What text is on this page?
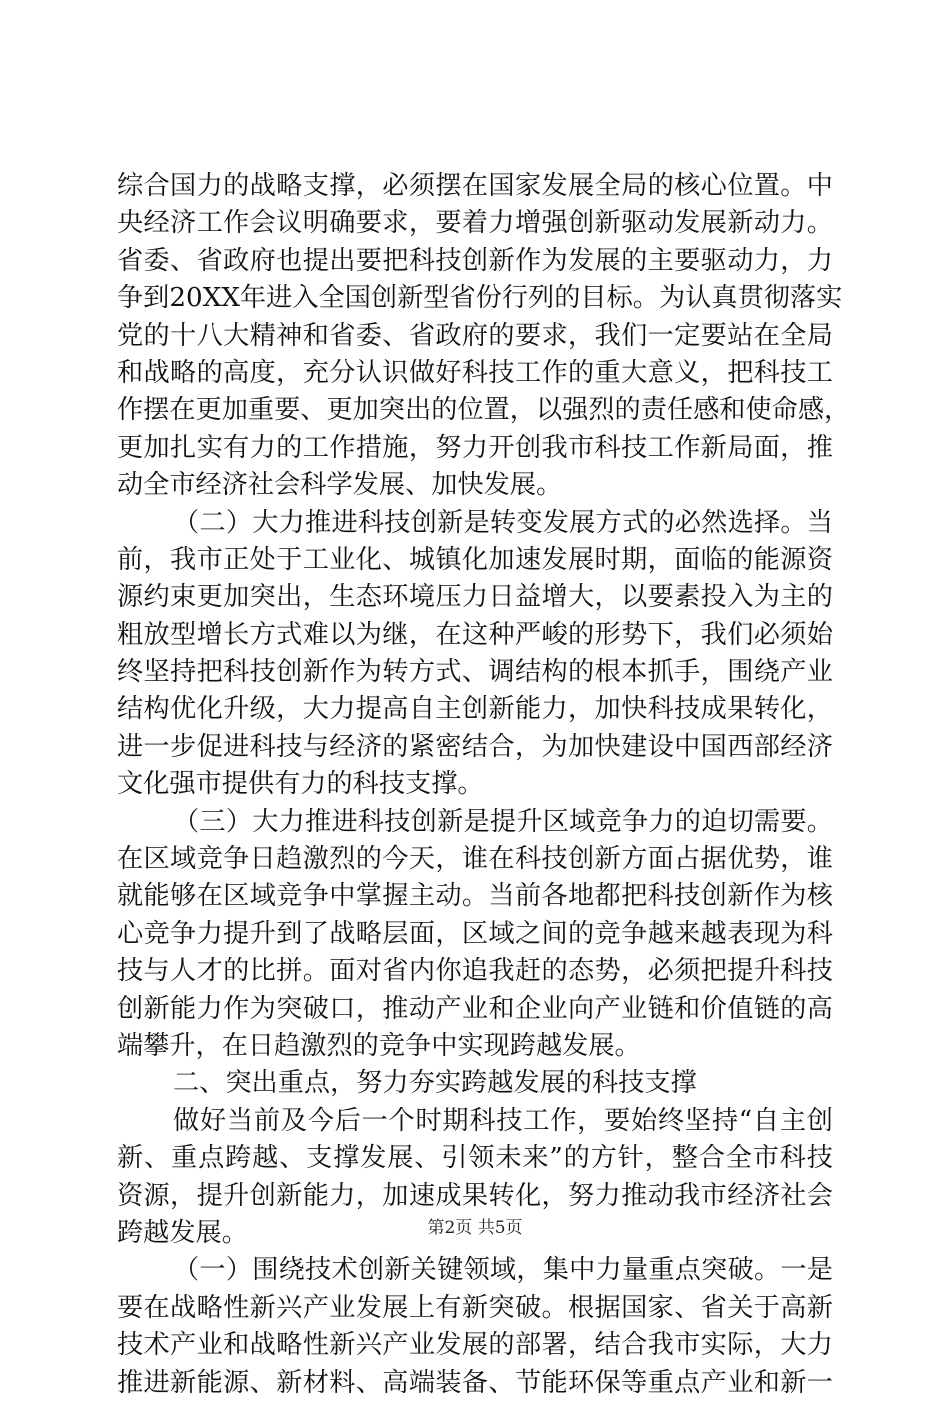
综合国力的战略支撑，必须摆在国家发展全局的核心位置。中
央经济工作会议明确要求，要着力增强创新驱动发展新动力。
省委、省政府也提出要把科技创新作为发展的主要驱动力，力
争到20XX年进入全国创新型省份行列的目标。为认真贯彻落实
党的十八大精神和省委、省政府的要求，我们一定要站在全局
和战略的高度，充分认识做好科技工作的重大意义，把科技工
作摆在更加重要、更加突出的位置，以强烈的责任感和使命感，
更加扎实有力的工作措施，努力开创我市科技工作新局面，推
动全市经济社会科学发展、加快发展。
（二）大力推进科技创新是转变发展方式的必然选择。当
前，我市正处于工业化、城镇化加速发展时期，面临的能源资
源约束更加突出，生态环境压力日益增大，以要素投入为主的
粗放型增长方式难以为继，在这种严峻的形势下，我们必须始
终坚持把科技创新作为转方式、调结构的根本抓手，围绕产业
结构优化升级，大力提高自主创新能力，加快科技成果转化，
进一步促进科技与经济的紧密结合，为加快建设中国西部经济
文化强市提供有力的科技支撑。
（三）大力推进科技创新是提升区域竞争力的迫切需要。
在区域竞争日趋激烈的今天，谁在科技创新方面占据优势，谁
就能够在区域竞争中掌握主动。当前各地都把科技创新作为核
心竞争力提升到了战略层面，区域之间的竞争越来越表现为科
技与人才的比拼。面对省内你追我赶的态势，必须把提升科技
创新能力作为突破口，推动产业和企业向产业链和价值链的高
端攀升，在日趋激烈的竞争中实现跨越发展。
二、突出重点，努力夯实跨越发展的科技支撑
做好当前及今后一个时期科技工作，要始终坚持“自主创
新、重点跨越、支撑发展、引领未来”的方针，整合全市科技
资源，提升创新能力，加速成果转化，努力推动我市经济社会
跨越发展。
（一）围绕技术创新关键领域，集中力量重点突破。一是
要在战略性新兴产业发展上有新突破。根据国家、省关于高新
技术产业和战略性新兴产业发展的部署，结合我市实际，大力
推进新能源、新材料、高端装备、节能环保等重点产业和新一
第2页 共5页
